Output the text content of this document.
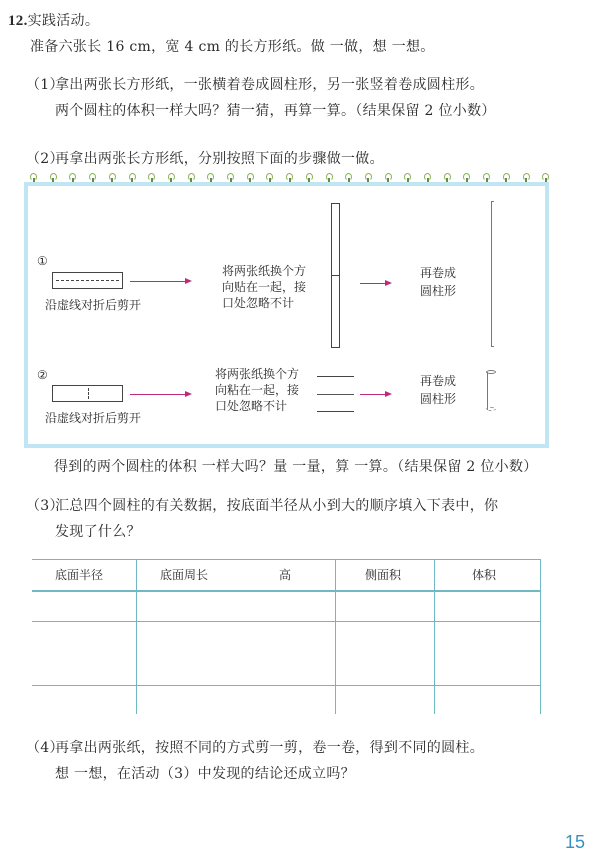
12.实践活动。
准备六张长 16 cm，宽 4 cm 的长方形纸。做 一做，想 一想。
（1）
拿出两张长方形纸，一张横着卷成圆柱形，另一张竖着卷成圆柱形。
两个圆柱的体积一样大吗？猜一猜，再算一算。（结果保留 2 位小数）
（2）
再拿出两张长方形纸，分别按照下面的步骤做一做。
①
沿虚线对折后剪开
将两张纸换个方
向贴在一起，接
口处忽略不计
再卷成
圆柱形
②
沿虚线对折后剪开
将两张纸换个方
向粘在一起，接
口处忽略不计
再卷成
圆柱形
得到的两个圆柱的体积 一样大吗？量 一量，算 一算。（结果保留 2 位小数）
（3）
汇总四个圆柱的有关数据，按底面半径从小到大的顺序填入下表中，你
发现了什么？
底面半径	底面周长	高	侧面积	体积
（4）
再拿出两张纸，按照不同的方式剪一剪，卷一卷，得到不同的圆柱。
想 一想，在活动（3）中发现的结论还成立吗？
15
